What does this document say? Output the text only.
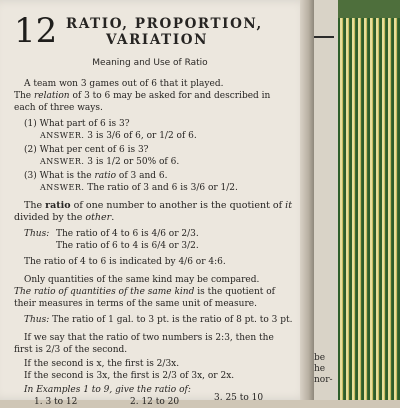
be
he
nor-
12 RATIO, PROPORTION,
VARIATION
Meaning and Use of Ratio
A team won 3 games out of 6 that it played.
The relation of 3 to 6 may be asked for and described in
each of three ways.
(1) What part of 6 is 3?
ANSWER. 3 is 3/6 of 6, or 1/2 of 6.
(2) What per cent of 6 is 3?
ANSWER. 3 is 1/2 or 50% of 6.
(3) What is the ratio of 3 and 6.
ANSWER. The ratio of 3 and 6 is 3/6 or 1/2.
The ratio of one number to another is the quotient of it
divided by the other.
Thus: The ratio of 4 to 6 is 4/6 or 2/3.
The ratio of 6 to 4 is 6/4 or 3/2.
The ratio of 4 to 6 is indicated by 4/6 or 4:6.
Only quantities of the same kind may be compared.
The ratio of quantities of the same kind is the quotient of
their measures in terms of the same unit of measure.
Thus: The ratio of 1 gal. to 3 pt. is the ratio of 8 pt. to 3 pt.
If we say that the ratio of two numbers is 2:3, then the
first is 2/3 of the second.
If the second is x, the first is 2/3x.
If the second is 3x, the first is 2/3 of 3x, or 2x.
In Examples 1 to 9, give the ratio of:
1. 3 to 12	2. 12 to 20	3. 25 to 10
